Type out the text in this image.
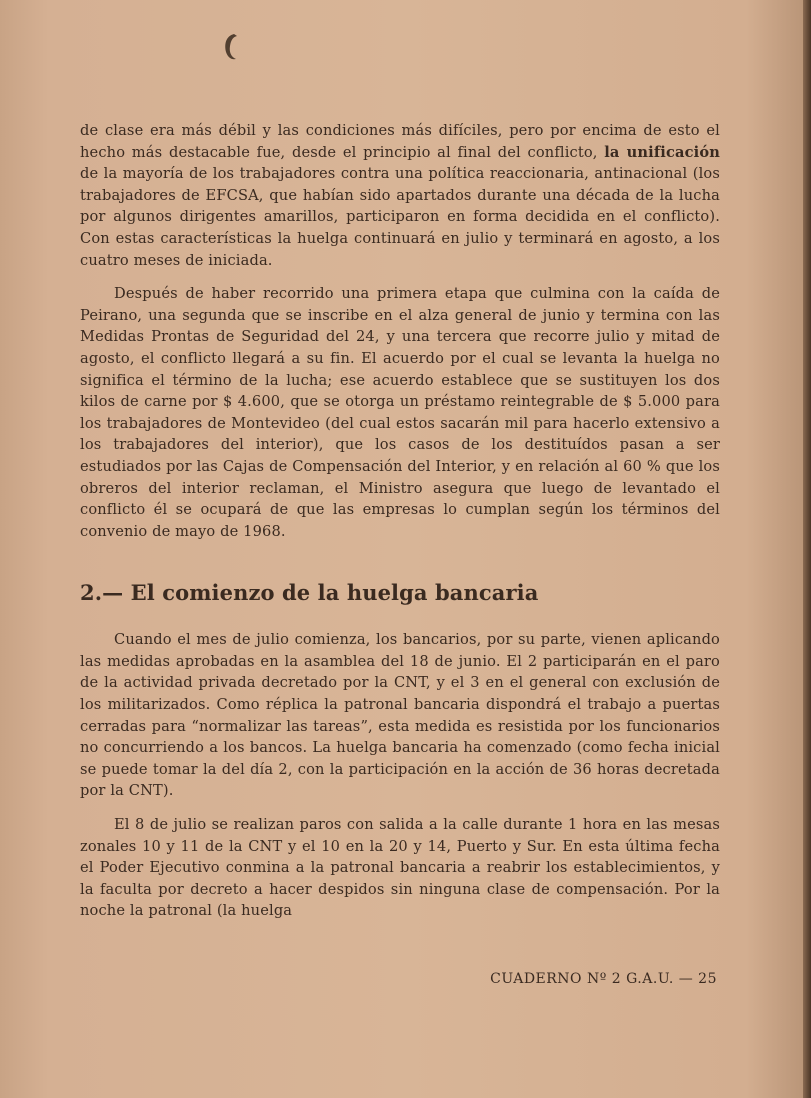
de clase era más débil y las condiciones más difíciles, pero por encima de esto el hecho más destacable fue, desde el principio al final del conflicto, la unificación de la mayoría de los trabajadores contra una política reaccionaria, antinacional (los trabajadores de EFCSA, que habían sido apartados durante una década de la lucha por algunos dirigentes amarillos, participaron en forma decidida en el conflicto). Con estas características la huelga continuará en julio y terminará en agosto, a los cuatro meses de iniciada.

Después de haber recorrido una primera etapa que culmina con la caída de Peirano, una segunda que se inscribe en el alza general de junio y termina con las Medidas Prontas de Seguridad del 24, y una tercera que recorre julio y mitad de agosto, el conflicto llegará a su fin. El acuerdo por el cual se levanta la huelga no significa el término de la lucha; ese acuerdo establece que se sustituyen los dos kilos de carne por $ 4.600, que se otorga un préstamo reintegrable de $ 5.000 para los trabajadores de Montevideo (del cual estos sacarán mil para hacerlo extensivo a los trabajadores del interior), que los casos de los destituídos pasan a ser estudiados por las Cajas de Compensación del Interior, y en relación al 60 % que los obreros del interior reclaman, el Ministro asegura que luego de levantado el conflicto él se ocupará de que las empresas lo cumplan según los términos del convenio de mayo de 1968.

2.— El comienzo de la huelga bancaria

Cuando el mes de julio comienza, los bancarios, por su parte, vienen aplicando las medidas aprobadas en la asamblea del 18 de junio. El 2 participarán en el paro de la actividad privada decretado por la CNT, y el 3 en el general con exclusión de los militarizados. Como réplica la patronal bancaria dispondrá el trabajo a puertas cerradas para “normalizar las tareas”, esta medida es resistida por los funcionarios no concurriendo a los bancos. La huelga bancaria ha comenzado (como fecha inicial se puede tomar la del día 2, con la participación en la acción de 36 horas decretada por la CNT).

El 8 de julio se realizan paros con salida a la calle durante 1 hora en las mesas zonales 10 y 11 de la CNT y el 10 en la 20 y 14, Puerto y Sur. En esta última fecha el Poder Ejecutivo conmina a la patronal bancaria a reabrir los establecimientos, y la faculta por decreto a hacer despidos sin ninguna clase de compensación. Por la noche la patronal (la huelga

CUADERNO Nº 2 G.A.U. — 25
